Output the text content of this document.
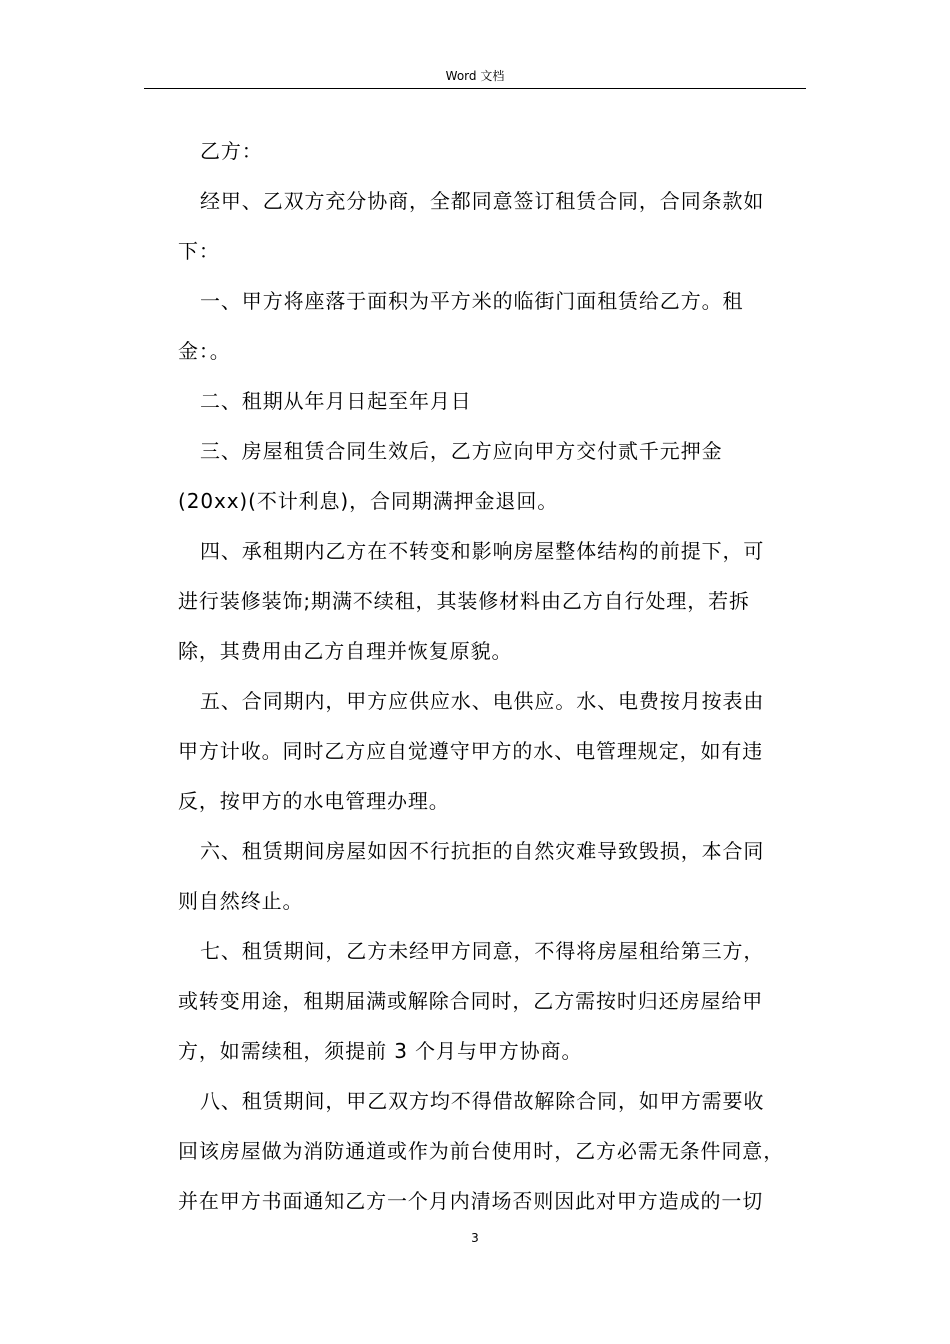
Word 文档
乙方：
经甲、乙双方充分协商，全都同意签订租赁合同，合同条款如
下：
一、甲方将座落于面积为平方米的临街门面租赁给乙方。租
金：。
二、租期从年月日起至年月日
三、房屋租赁合同生效后，乙方应向甲方交付贰千元押金
(20xx)(不计利息)，合同期满押金退回。
四、承租期内乙方在不转变和影响房屋整体结构的前提下，可
进行装修装饰;期满不续租，其装修材料由乙方自行处理，若拆
除，其费用由乙方自理并恢复原貌。
五、合同期内，甲方应供应水、电供应。水、电费按月按表由
甲方计收。同时乙方应自觉遵守甲方的水、电管理规定，如有违
反，按甲方的水电管理办理。
六、租赁期间房屋如因不行抗拒的自然灾难导致毁损，本合同
则自然终止。
七、租赁期间，乙方未经甲方同意，不得将房屋租给第三方，
或转变用途，租期届满或解除合同时，乙方需按时归还房屋给甲
方，如需续租，须提前 3 个月与甲方协商。
八、租赁期间，甲乙双方均不得借故解除合同，如甲方需要收
回该房屋做为消防通道或作为前台使用时，乙方必需无条件同意，
并在甲方书面通知乙方一个月内清场否则因此对甲方造成的一切
3
